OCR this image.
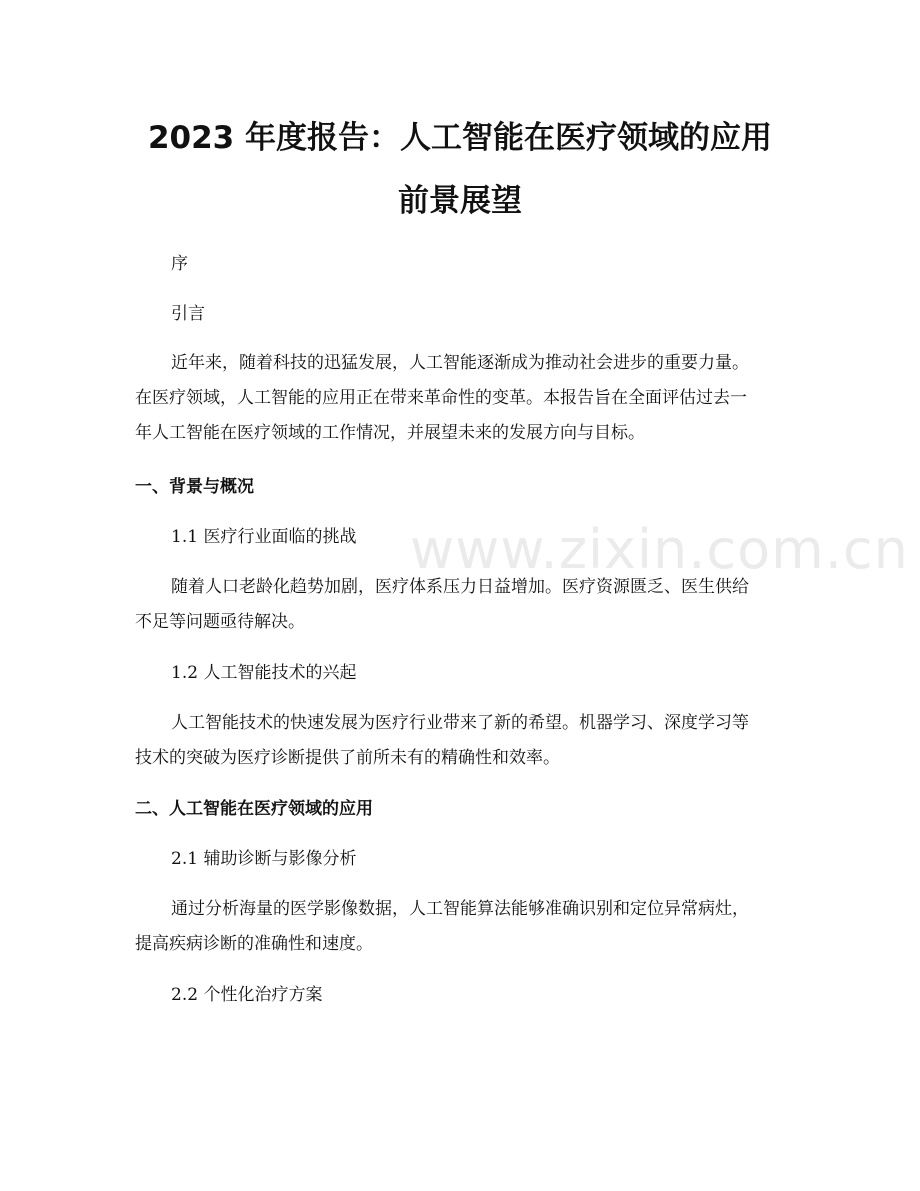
www.zixin.com.cn
2023 年度报告：人工智能在医疗领域的应用
前景展望
序
引言
近年来，随着科技的迅猛发展，人工智能逐渐成为推动社会进步的重要力量。
在医疗领域，人工智能的应用正在带来革命性的变革。本报告旨在全面评估过去一
年人工智能在医疗领域的工作情况，并展望未来的发展方向与目标。
一、背景与概况
1.1 医疗行业面临的挑战
随着人口老龄化趋势加剧，医疗体系压力日益增加。医疗资源匮乏、医生供给
不足等问题亟待解决。
1.2 人工智能技术的兴起
人工智能技术的快速发展为医疗行业带来了新的希望。机器学习、深度学习等
技术的突破为医疗诊断提供了前所未有的精确性和效率。
二、人工智能在医疗领域的应用
2.1 辅助诊断与影像分析
通过分析海量的医学影像数据，人工智能算法能够准确识别和定位异常病灶，
提高疾病诊断的准确性和速度。
2.2 个性化治疗方案
